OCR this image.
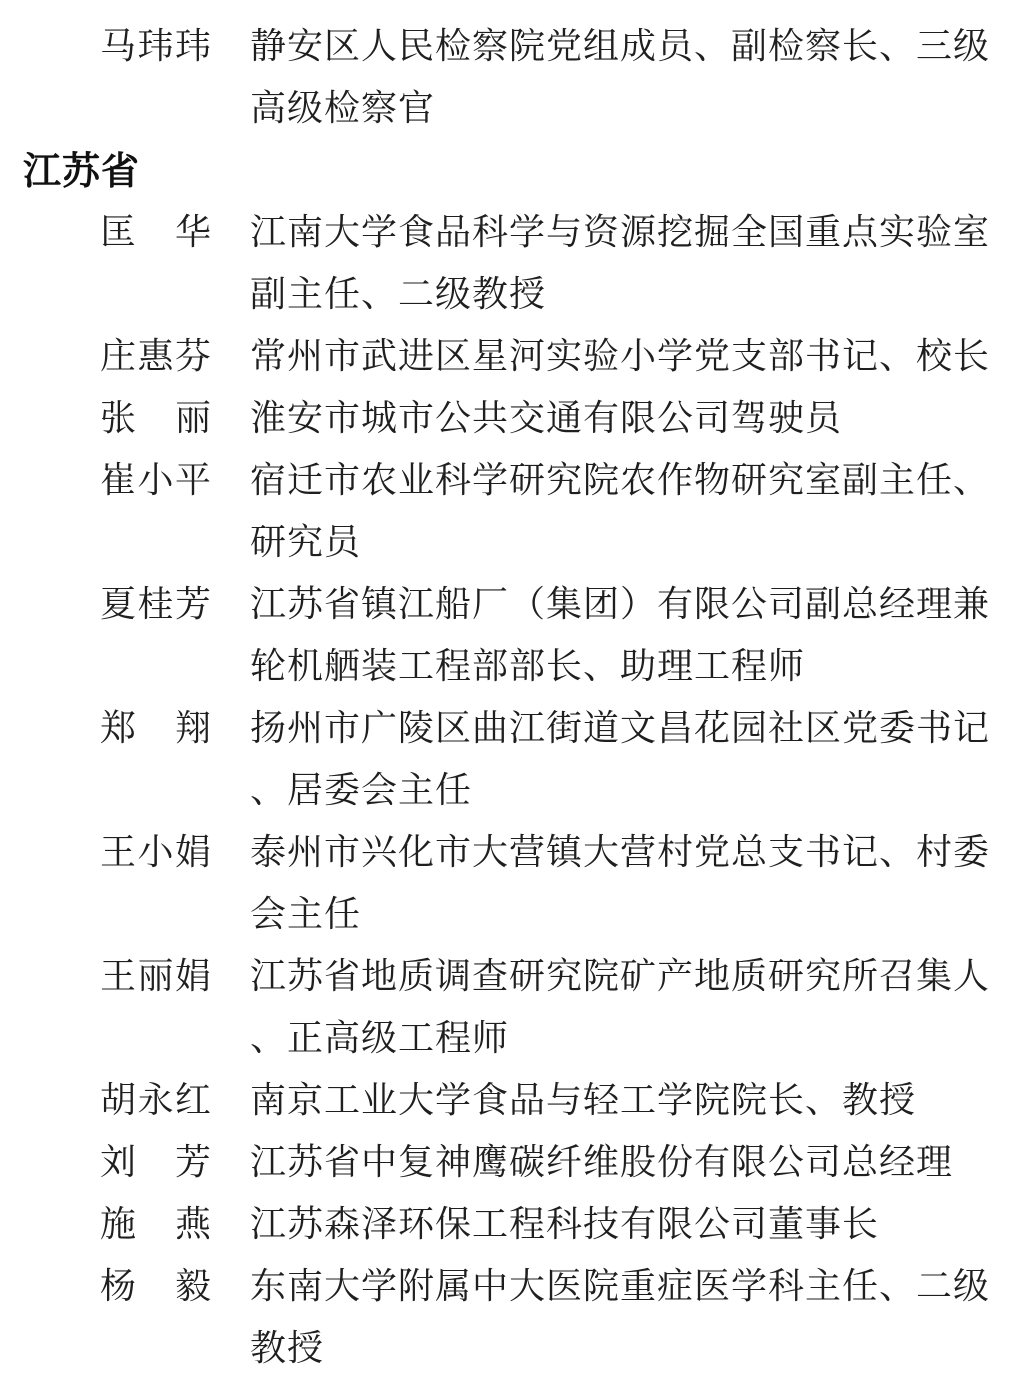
马玮玮 静安区人民检察院党组成员、副检察长、三级高级检察官
江苏省
匡华 江南大学食品科学与资源挖掘全国重点实验室副主任、二级教授
庄惠芬 常州市武进区星河实验小学党支部书记、校长
张丽 淮安市城市公共交通有限公司驾驶员
崔小平 宿迁市农业科学研究院农作物研究室副主任、研究员
夏桂芳 江苏省镇江船厂（集团）有限公司副总经理兼轮机舾装工程部部长、助理工程师
郑翔 扬州市广陵区曲江街道文昌花园社区党委书记、居委会主任
王小娟 泰州市兴化市大营镇大营村党总支书记、村委会主任
王丽娟 江苏省地质调查研究院矿产地质研究所召集人、正高级工程师
胡永红 南京工业大学食品与轻工学院院长、教授
刘芳 江苏省中复神鹰碳纤维股份有限公司总经理
施燕 江苏森泽环保工程科技有限公司董事长
杨毅 东南大学附属中大医院重症医学科主任、二级教授
